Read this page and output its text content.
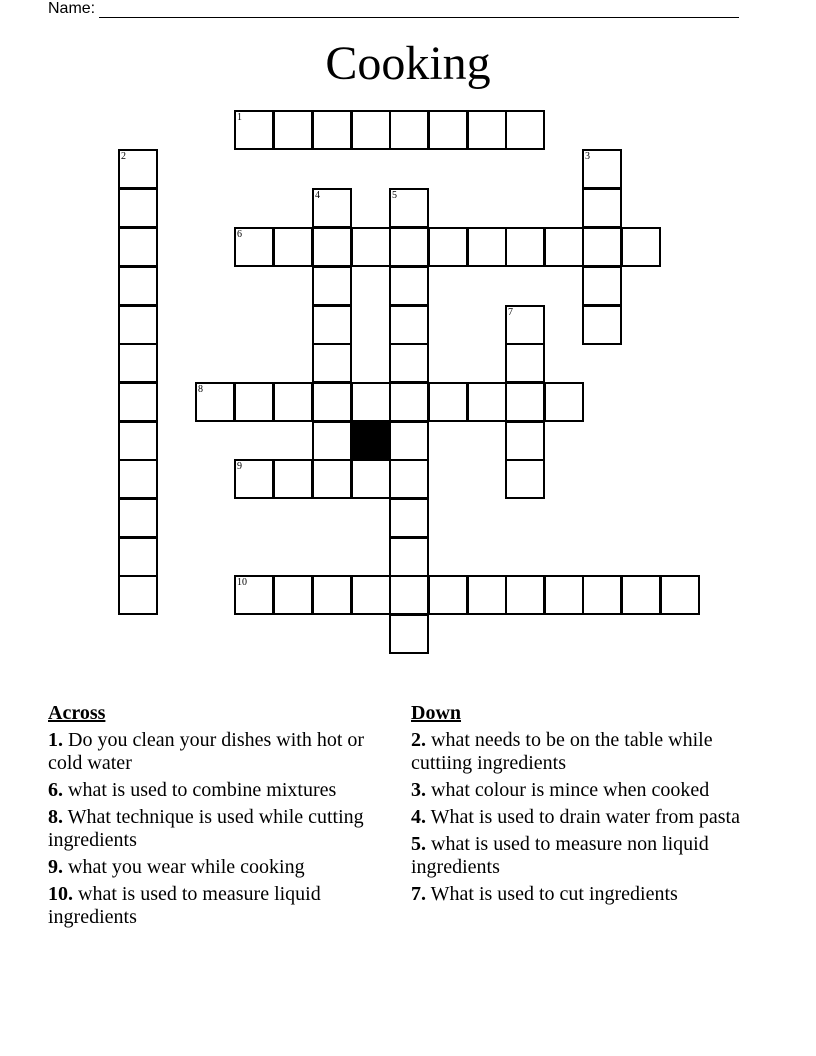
Name:
Cooking
1
2	3
4	5
6
7
8
9
10
Across
1. Do you clean your dishes with hot or cold water
6. what is used to combine mixtures
8. What technique is used while cutting ingredients
9. what you wear while cooking
10. what is used to measure liquid ingredients
Down
2. what needs to be on the table while cuttiing ingredients
3. what colour is mince when cooked
4. What is used to drain water from pasta
5. what is used to measure non liquid ingredients
7. What is used to cut ingredients
